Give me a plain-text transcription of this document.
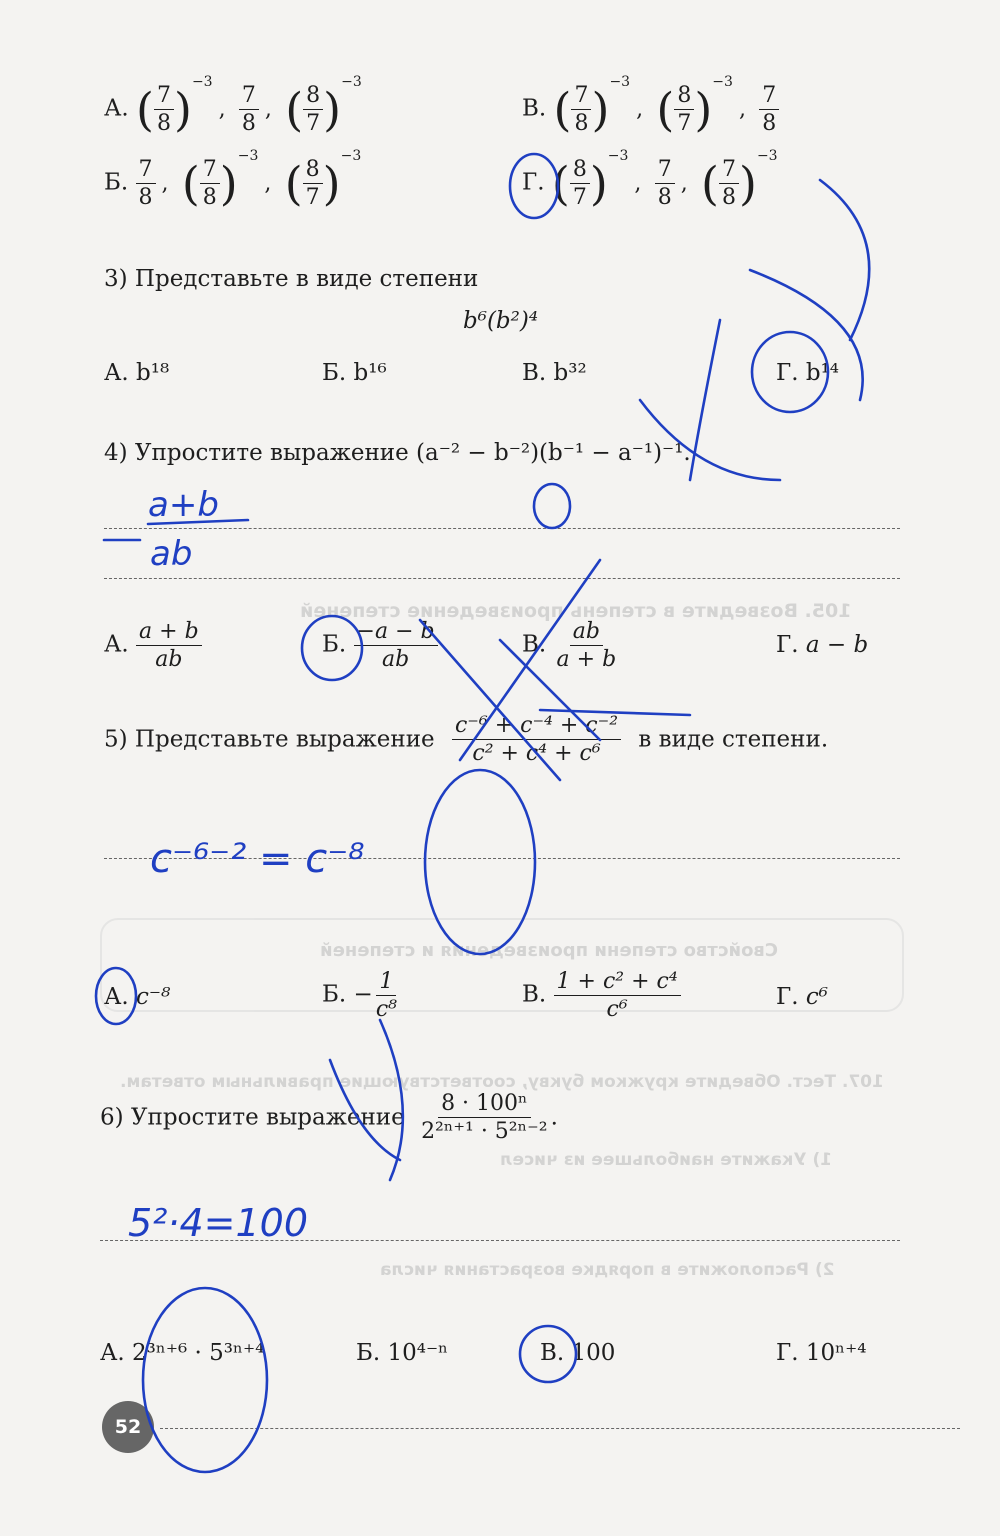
105. Возведите в степень произведение степеней
Свойство степени произведения и степеней
107. Тест. Обведите кружком букву, соответствующие правильным ответам.
1) Укажите наибольшее из чисел
2) Расположите в порядке возрастания числа
А. ( $\frac{7}{8} )^{-3}$, $\frac{7}{8}$ , ( $\frac{8}{7} )^{-3}$
В. ( $\frac{7}{8} )^{-3}$, ( $\frac{8}{7} )^{-3}$, $\frac{7}{8}$
Б. $\frac{7}{8}$ , ( $\frac{7}{8} )^{-3}$, ( $\frac{8}{7} )^{-3}$
Г. ( $\frac{8}{7} )^{-3}$, $\frac{7}{8}$ , ( $\frac{7}{8} )^{-3}$
3) Представьте в виде степени
b⁶(b²)⁴
А. b¹⁸	Б. b¹⁶	В. b³²	Г. b¹⁴
4) Упростите выражение (a⁻² − b⁻²)(b⁻¹ − a⁻¹)⁻¹.
А. $\frac{a + b}{ab}$	Б. $\frac{-a - b}{ab}$	В. $\frac{ab}{a + b}$	Г. a − b
5) Представьте выражение $\frac{\text{c⁻⁶ + c⁻⁴ + c⁻²}}{\text{c² + c⁴ + c⁶}}$ в виде степени.
А. c⁻⁸	Б. − $\frac{1}{\text{c⁸}}$	В. $\frac{\text{1 + c² + c⁴}}{\text{c⁶}}$	Г. c⁶
6) Упростите выражение $\frac{\text{8 · 100ⁿ}}{\text{2²ⁿ⁺¹ · 5²ⁿ⁻²}}$ .
А. 2³ⁿ⁺⁶ · 5³ⁿ⁺⁴	Б. 10⁴⁻ⁿ	В. 100	Г. 10ⁿ⁺⁴
52
a+b
ab
c⁻⁶⁻² = c⁻⁸
5²·4=100
